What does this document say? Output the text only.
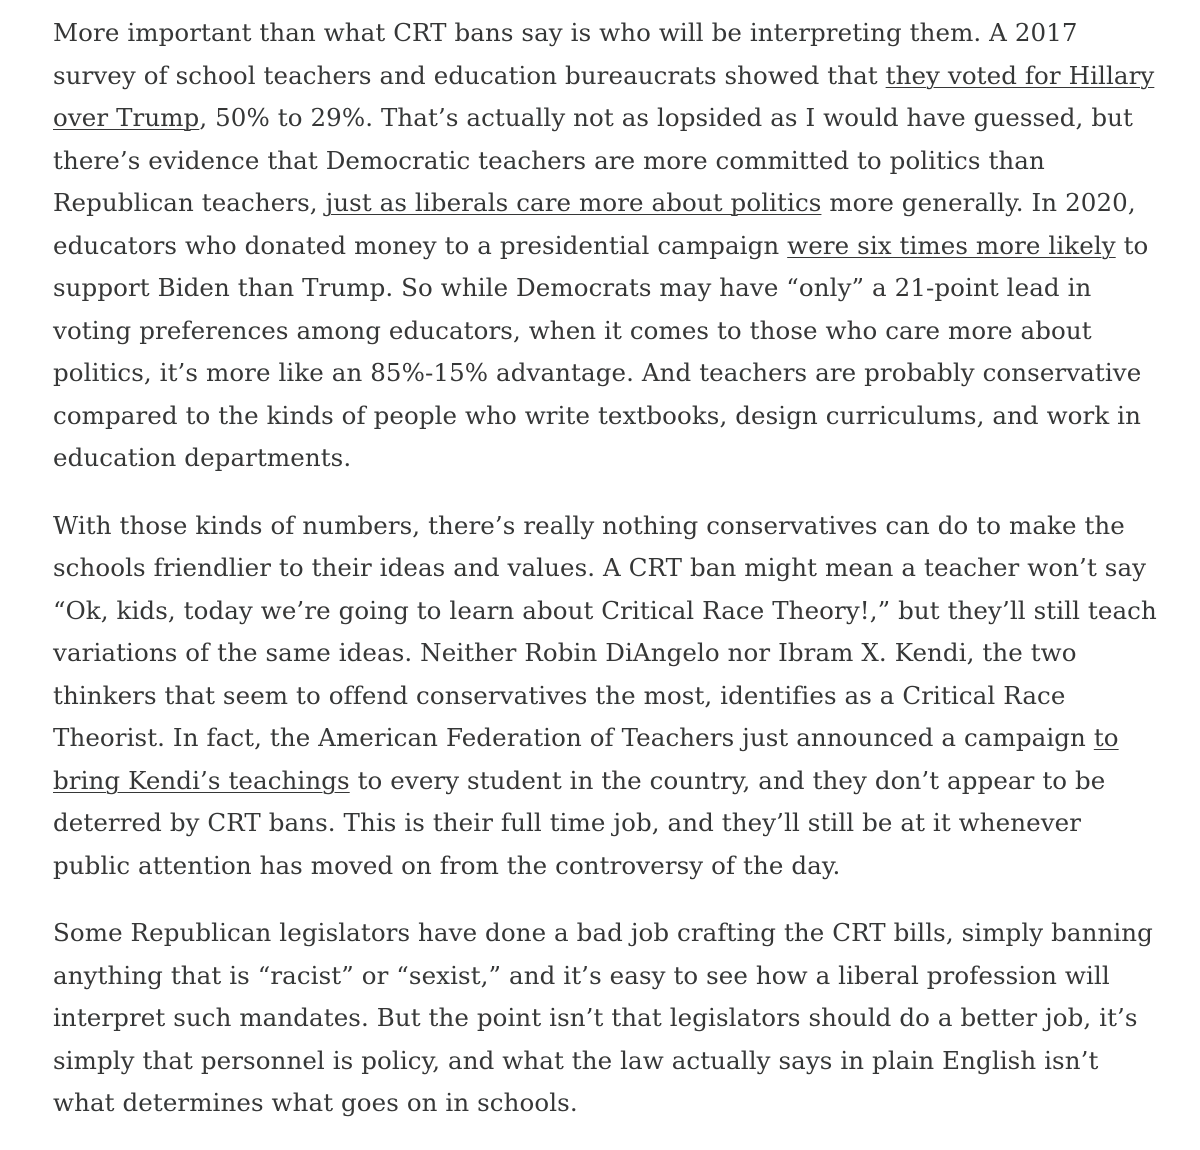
More important than what CRT bans say is who will be interpreting them. A 2017
survey of school teachers and education bureaucrats showed that they voted for Hillary
over Trump, 50% to 29%. That’s actually not as lopsided as I would have guessed, but
there’s evidence that Democratic teachers are more committed to politics than
Republican teachers, just as liberals care more about politics more generally. In 2020,
educators who donated money to a presidential campaign were six times more likely to
support Biden than Trump. So while Democrats may have “only” a 21-point lead in
voting preferences among educators, when it comes to those who care more about
politics, it’s more like an 85%-15% advantage. And teachers are probably conservative
compared to the kinds of people who write textbooks, design curriculums, and work in
education departments.

With those kinds of numbers, there’s really nothing conservatives can do to make the
schools friendlier to their ideas and values. A CRT ban might mean a teacher won’t say
“Ok, kids, today we’re going to learn about Critical Race Theory!,” but they’ll still teach
variations of the same ideas. Neither Robin DiAngelo nor Ibram X. Kendi, the two
thinkers that seem to offend conservatives the most, identifies as a Critical Race
Theorist. In fact, the American Federation of Teachers just announced a campaign to
bring Kendi’s teachings to every student in the country, and they don’t appear to be
deterred by CRT bans. This is their full time job, and they’ll still be at it whenever
public attention has moved on from the controversy of the day.

Some Republican legislators have done a bad job crafting the CRT bills, simply banning
anything that is “racist” or “sexist,” and it’s easy to see how a liberal profession will
interpret such mandates. But the point isn’t that legislators should do a better job, it’s
simply that personnel is policy, and what the law actually says in plain English isn’t
what determines what goes on in schools.
